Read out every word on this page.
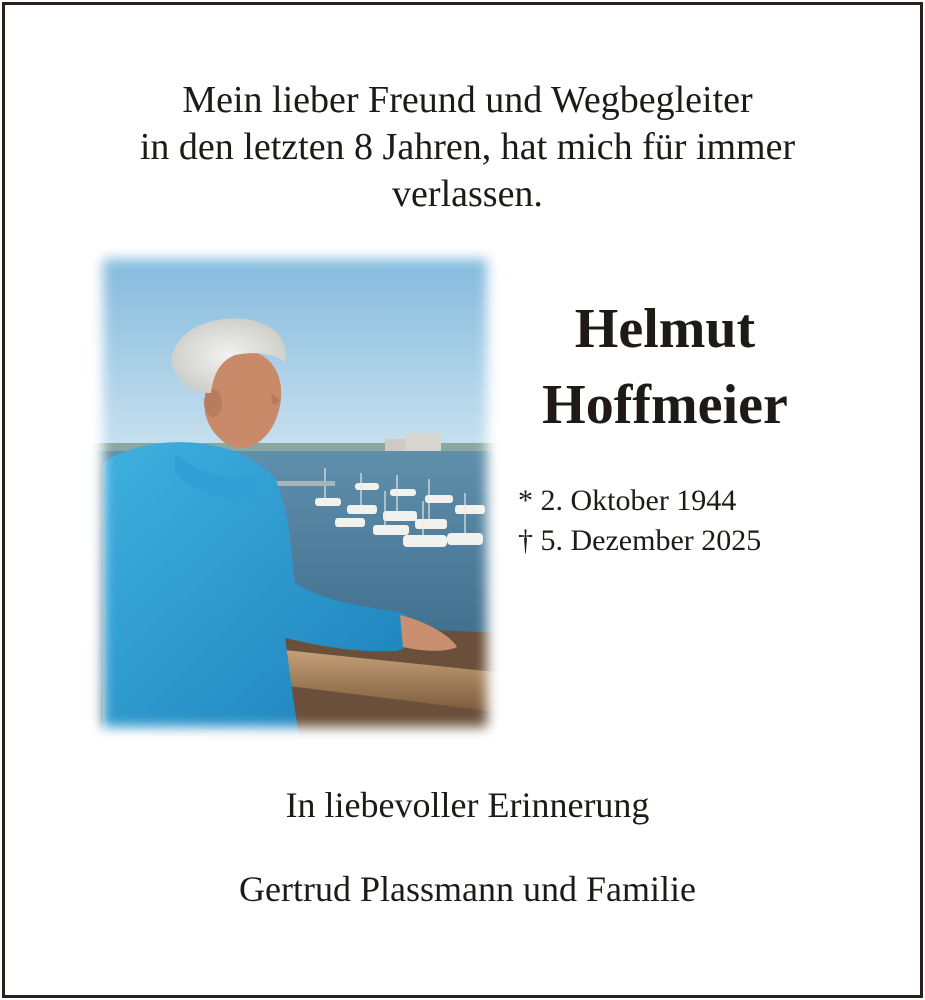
Mein lieber Freund und Wegbegleiter
in den letzten 8 Jahren, hat mich für immer
verlassen.
Helmut
Hoffmeier
* 2. Oktober 1944
† 5. Dezember 2025
In liebevoller Erinnerung
Gertrud Plassmann und Familie
